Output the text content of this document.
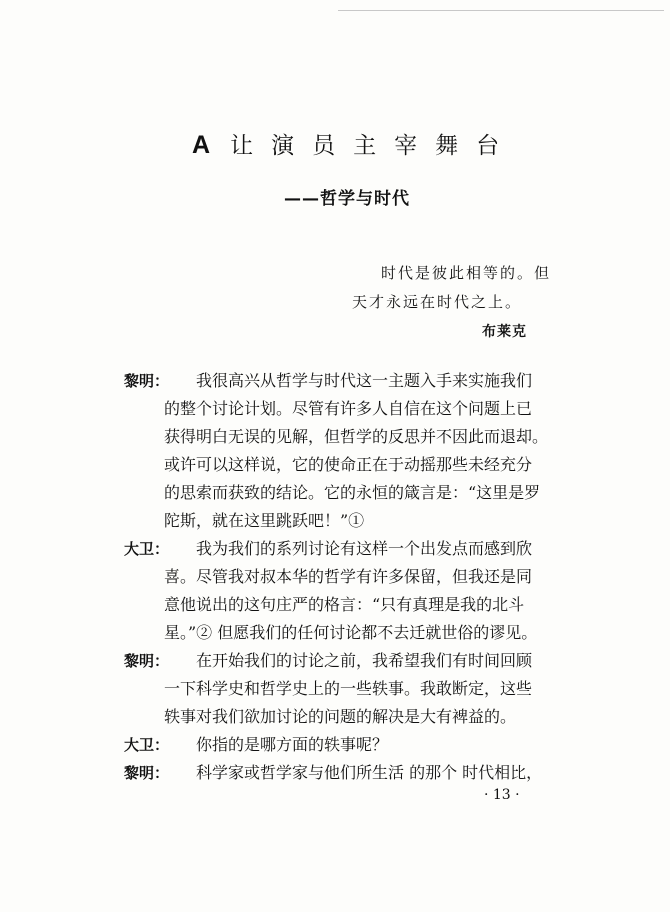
A 让演员主宰舞台
——哲学与时代
时代是彼此相等的。但
天才永远在时代之上。
布莱克
黎明： 我很高兴从哲学与时代这一主题入手来实施我们
的整个讨论计划。尽管有许多人自信在这个问题上已
获得明白无误的见解，但哲学的反思并不因此而退却。
或许可以这样说，它的使命正在于动摇那些未经充分
的思索而获致的结论。它的永恒的箴言是：“这里是罗
陀斯，就在这里跳跃吧！”①
大卫： 我为我们的系列讨论有这样一个出发点而感到欣
喜。尽管我对叔本华的哲学有许多保留，但我还是同
意他说出的这句庄严的格言：“只有真理是我的北斗
星。”② 但愿我们的任何讨论都不去迁就世俗的谬见。
黎明： 在开始我们的讨论之前，我希望我们有时间回顾
一下科学史和哲学史上的一些轶事。我敢断定，这些
轶事对我们欲加讨论的问题的解决是大有裨益的。
大卫： 你指的是哪方面的轶事呢？
黎明： 科学家或哲学家与他们所生活 的那个 时代相比，
· 13 ·
